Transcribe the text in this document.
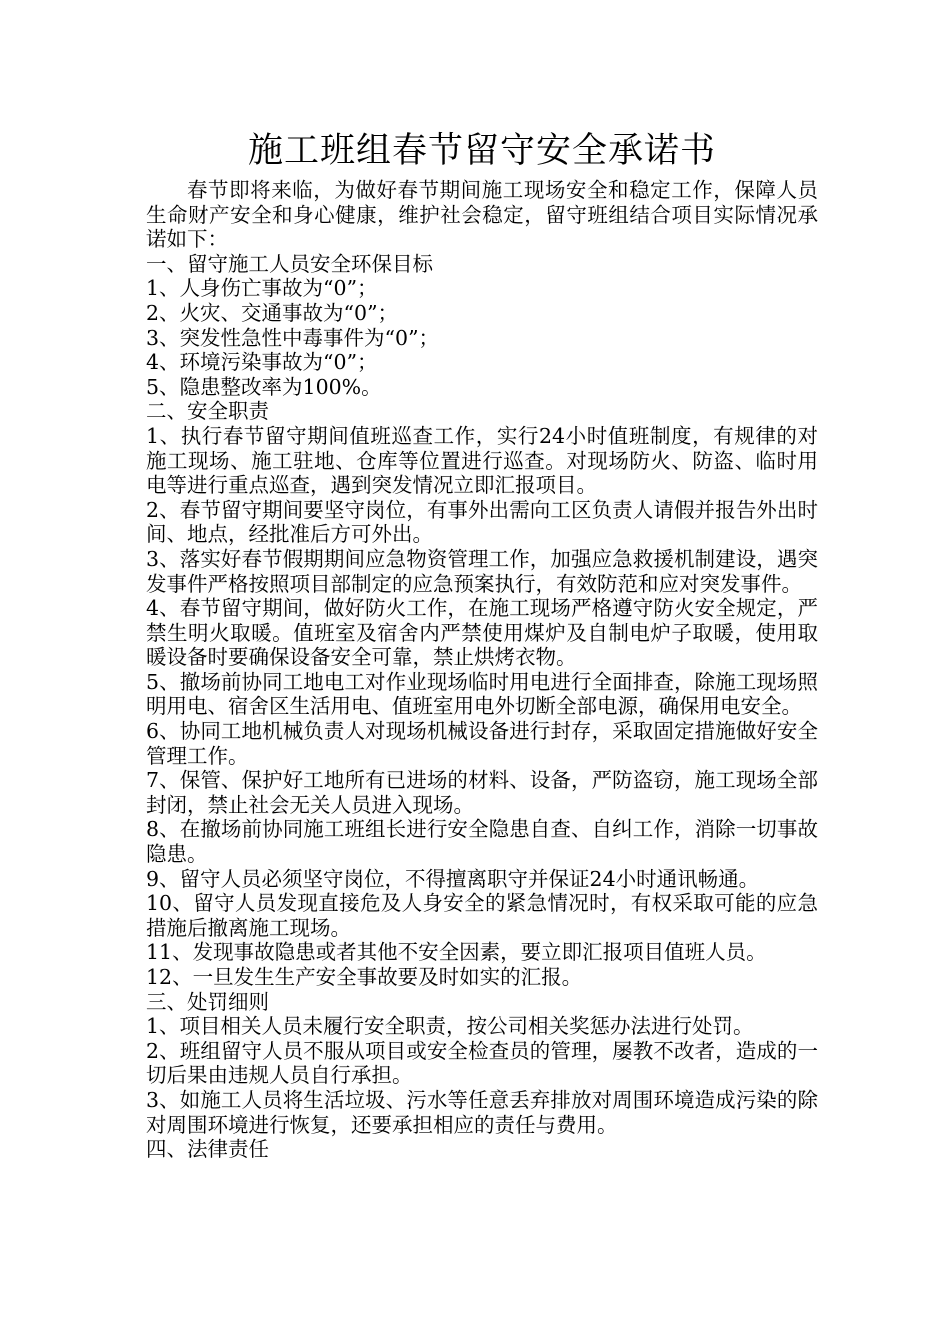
施工班组春节留守安全承诺书

春节即将来临，为做好春节期间施工现场安全和稳定工作，保障人员生命财产安全和身心健康，维护社会稳定，留守班组结合项目实际情况承诺如下：

一、留守施工人员安全环保目标

1、人身伤亡事故为“0”；

2、火灾、交通事故为“0”；

3、突发性急性中毒事件为“0”；

4、环境污染事故为“0”；

5、隐患整改率为100%。

二、安全职责

1、执行春节留守期间值班巡查工作，实行24小时值班制度，有规律的对施工现场、施工驻地、仓库等位置进行巡查。对现场防火、防盗、临时用电等进行重点巡查，遇到突发情况立即汇报项目。

2、春节留守期间要坚守岗位，有事外出需向工区负责人请假并报告外出时间、地点，经批准后方可外出。

3、落实好春节假期期间应急物资管理工作，加强应急救援机制建设，遇突发事件严格按照项目部制定的应急预案执行，有效防范和应对突发事件。

4、春节留守期间，做好防火工作，在施工现场严格遵守防火安全规定，严禁生明火取暖。值班室及宿舍内严禁使用煤炉及自制电炉子取暖，使用取暖设备时要确保设备安全可靠，禁止烘烤衣物。

5、撤场前协同工地电工对作业现场临时用电进行全面排查，除施工现场照明用电、宿舍区生活用电、值班室用电外切断全部电源，确保用电安全。

6、协同工地机械负责人对现场机械设备进行封存，采取固定措施做好安全管理工作。

7、保管、保护好工地所有已进场的材料、设备，严防盗窃，施工现场全部封闭，禁止社会无关人员进入现场。

8、在撤场前协同施工班组长进行安全隐患自查、自纠工作，消除一切事故隐患。

9、留守人员必须坚守岗位，不得擅离职守并保证24小时通讯畅通。

10、留守人员发现直接危及人身安全的紧急情况时，有权采取可能的应急措施后撤离施工现场。

11、发现事故隐患或者其他不安全因素，要立即汇报项目值班人员。

12、一旦发生生产安全事故要及时如实的汇报。

三、处罚细则

1、项目相关人员未履行安全职责，按公司相关奖惩办法进行处罚。

2、班组留守人员不服从项目或安全检查员的管理，屡教不改者，造成的一切后果由违规人员自行承担。

3、如施工人员将生活垃圾、污水等任意丢弃排放对周围环境造成污染的除对周围环境进行恢复，还要承担相应的责任与费用。

四、法律责任
